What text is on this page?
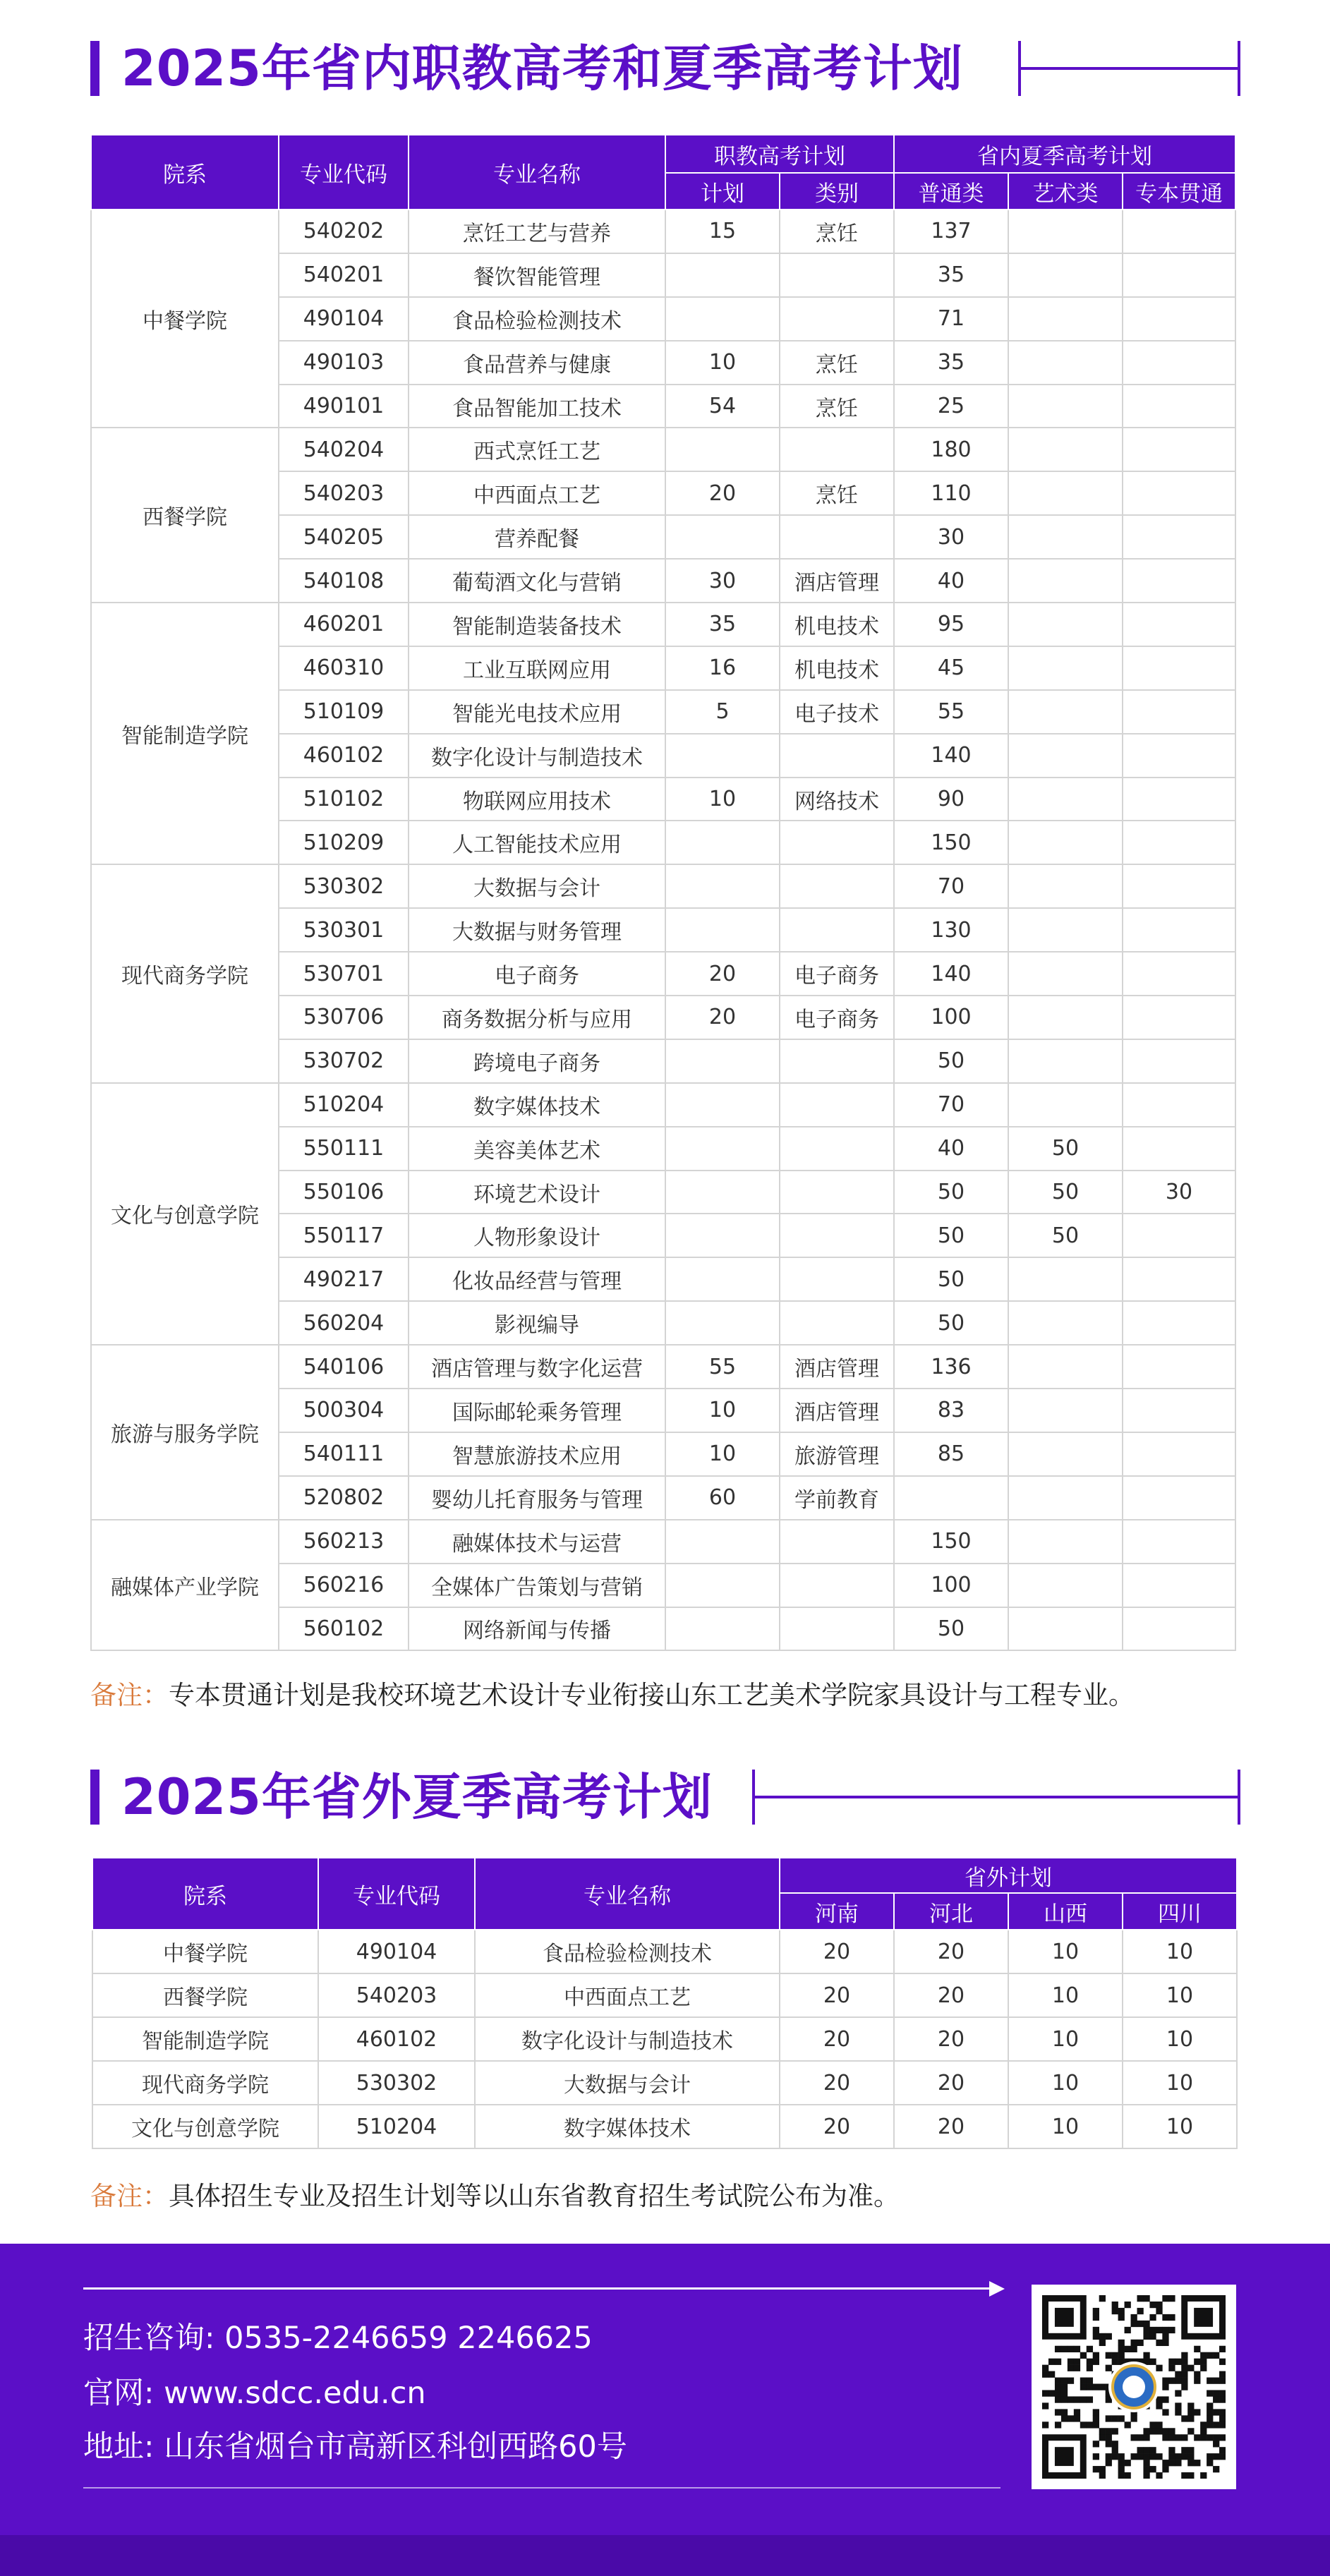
2025年省内职教高考和夏季高考计划
院系	专业代码	专业名称	职教高考计划		省内夏季高考计划		
			计划	类别	普通类	艺术类	专本贯通
中餐学院	540202	烹饪工艺与营养	15	烹饪	137		
	540201	餐饮智能管理			35		
	490104	食品检验检测技术			71		
	490103	食品营养与健康	10	烹饪	35		
	490101	食品智能加工技术	54	烹饪	25		
西餐学院	540204	西式烹饪工艺			180		
	540203	中西面点工艺	20	烹饪	110		
	540205	营养配餐			30		
	540108	葡萄酒文化与营销	30	酒店管理	40		
智能制造学院	460201	智能制造装备技术	35	机电技术	95		
	460310	工业互联网应用	16	机电技术	45		
	510109	智能光电技术应用	5	电子技术	55		
	460102	数字化设计与制造技术			140		
	510102	物联网应用技术	10	网络技术	90		
	510209	人工智能技术应用			150		
现代商务学院	530302	大数据与会计			70		
	530301	大数据与财务管理			130		
	530701	电子商务	20	电子商务	140		
	530706	商务数据分析与应用	20	电子商务	100		
	530702	跨境电子商务			50		
文化与创意学院	510204	数字媒体技术			70		
	550111	美容美体艺术			40	50	
	550106	环境艺术设计			50	50	30
	550117	人物形象设计			50	50	
	490217	化妆品经营与管理			50		
	560204	影视编导			50		
旅游与服务学院	540106	酒店管理与数字化运营	55	酒店管理	136		
	500304	国际邮轮乘务管理	10	酒店管理	83		
	540111	智慧旅游技术应用	10	旅游管理	85		
	520802	婴幼儿托育服务与管理	60	学前教育			
融媒体产业学院	560213	融媒体技术与运营			150		
	560216	全媒体广告策划与营销			100		
	560102	网络新闻与传播			50		
备注：专本贯通计划是我校环境艺术设计专业衔接山东工艺美术学院家具设计与工程专业。
2025年省外夏季高考计划
院系	专业代码	专业名称	省外计划			
			河南	河北	山西	四川
中餐学院	490104	食品检验检测技术	20	20	10	10
西餐学院	540203	中西面点工艺	20	20	10	10
智能制造学院	460102	数字化设计与制造技术	20	20	10	10
现代商务学院	530302	大数据与会计	20	20	10	10
文化与创意学院	510204	数字媒体技术	20	20	10	10
备注：具体招生专业及招生计划等以山东省教育招生考试院公布为准。
招生咨询: 0535-2246659 2246625
官网: www.sdcc.edu.cn
地址: 山东省烟台市高新区科创西路60号
